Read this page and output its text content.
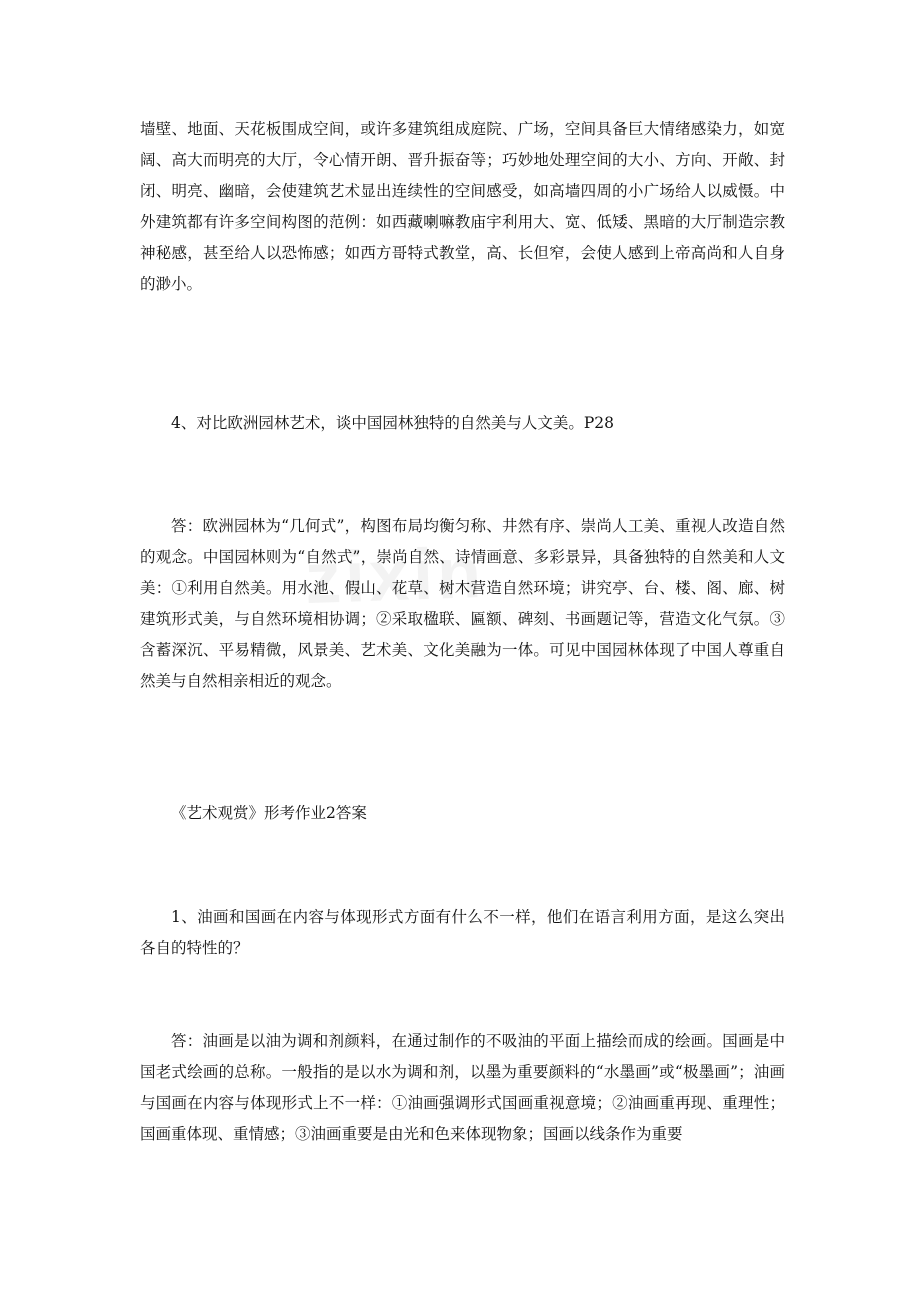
zixin

墙壁、地面、天花板围成空间，或许多建筑组成庭院、广场，空间具备巨大情绪感染力，如宽阔、高大而明亮的大厅，令心情开朗、晋升振奋等；巧妙地处理空间的大小、方向、开敞、封闭、明亮、幽暗，会使建筑艺术显出连续性的空间感受，如高墙四周的小广场给人以威慑。中外建筑都有许多空间构图的范例：如西藏喇嘛教庙宇利用大、宽、低矮、黑暗的大厅制造宗教神秘感，甚至给人以恐怖感；如西方哥特式教堂，高、长但窄，会使人感到上帝高尚和人自身的渺小。

4、对比欧洲园林艺术，谈中国园林独特的自然美与人文美。P28

答：欧洲园林为“几何式”，构图布局均衡匀称、井然有序、崇尚人工美、重视人改造自然的观念。中国园林则为“自然式”，崇尚自然、诗情画意、多彩景异，具备独特的自然美和人文美：①利用自然美。用水池、假山、花草、树木营造自然环境；讲究亭、台、楼、阁、廊、树建筑形式美，与自然环境相协调；②采取楹联、匾额、碑刻、书画题记等，营造文化气氛。③含蓄深沉、平易精微，风景美、艺术美、文化美融为一体。可见中国园林体现了中国人尊重自然美与自然相亲相近的观念。

《艺术观赏》形考作业2答案

1、油画和国画在内容与体现形式方面有什么不一样，他们在语言利用方面，是这么突出各自的特性的？

答：油画是以油为调和剂颜料，在通过制作的不吸油的平面上描绘而成的绘画。国画是中国老式绘画的总称。一般指的是以水为调和剂，以墨为重要颜料的“水墨画”或“极墨画”；油画与国画在内容与体现形式上不一样：①油画强调形式国画重视意境；②油画重再现、重理性；国画重体现、重情感；③油画重要是由光和色来体现物象；国画以线条作为重要
